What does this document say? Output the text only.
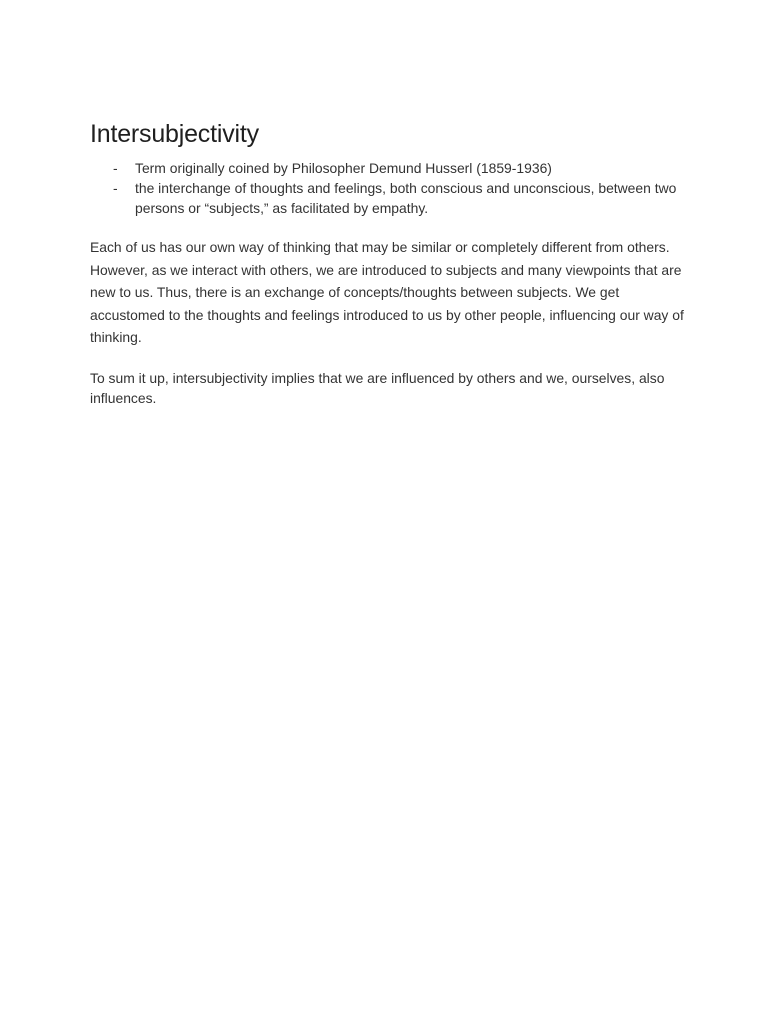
Intersubjectivity
- Term originally coined by Philosopher Demund Husserl (1859-1936)
- the interchange of thoughts and feelings, both conscious and unconscious, between two persons or “subjects,” as facilitated by empathy.

Each of us has our own way of thinking that may be similar or completely different from others. However, as we interact with others, we are introduced to subjects and many viewpoints that are new to us. Thus, there is an exchange of concepts/thoughts between subjects. We get accustomed to the thoughts and feelings introduced to us by other people, influencing our way of thinking.

To sum it up, intersubjectivity implies that we are influenced by others and we, ourselves, also influences.
